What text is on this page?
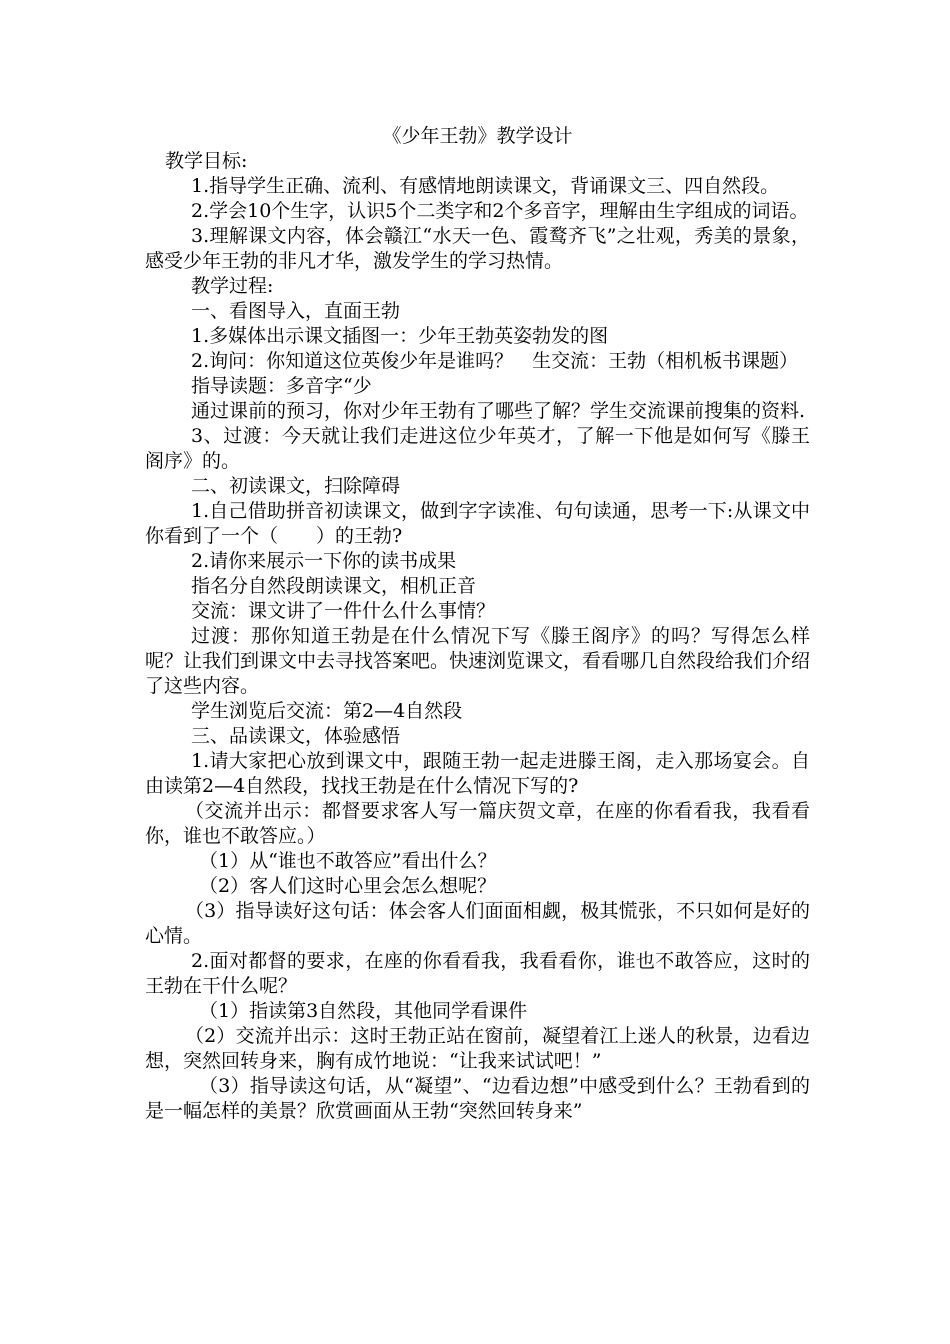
《少年王勃》教学设计

教学目标:

1.指导学生正确、流利、有感情地朗读课文，背诵课文三、四自然段。

2.学会10个生字，认识5个二类字和2个多音字，理解由生字组成的词语。

3.理解课文内容，体会赣江“水天一色、霞鹜齐飞”之壮观，秀美的景象，感受少年王勃的非凡才华，激发学生的学习热情。

教学过程:

一、看图导入，直面王勃

1.多媒体出示课文插图一：少年王勃英姿勃发的图

2.询问：你知道这位英俊少年是谁吗？　生交流：王勃（相机板书课题）

指导读题：多音字“少

通过课前的预习，你对少年王勃有了哪些了解？学生交流课前搜集的资料.

3、过渡：今天就让我们走进这位少年英才，了解一下他是如何写《滕王阁序》的。

二、初读课文，扫除障碍

1.自己借助拼音初读课文，做到字字读准、句句读通，思考一下:从课文中你看到了一个（　　）的王勃?

2.请你来展示一下你的读书成果

指名分自然段朗读课文，相机正音

交流：课文讲了一件什么什么事情？

过渡：那你知道王勃是在什么情况下写《滕王阁序》的吗？写得怎么样呢？让我们到课文中去寻找答案吧。快速浏览课文，看看哪几自然段给我们介绍了这些内容。

学生浏览后交流：第2—4自然段

三、品读课文，体验感悟

1.请大家把心放到课文中，跟随王勃一起走进滕王阁，走入那场宴会。自由读第2—4自然段，找找王勃是在什么情况下写的?

（交流并出示：都督要求客人写一篇庆贺文章，在座的你看看我，我看看你，谁也不敢答应。）

（1）从“谁也不敢答应”看出什么？

（2）客人们这时心里会怎么想呢？

（3）指导读好这句话：体会客人们面面相觑，极其慌张，不只如何是好的心情。

2.面对都督的要求，在座的你看看我，我看看你，谁也不敢答应，这时的王勃在干什么呢？

（1）指读第3自然段，其他同学看课件

（2）交流并出示：这时王勃正站在窗前，凝望着江上迷人的秋景，边看边想，突然回转身来，胸有成竹地说：“让我来试试吧！”

（3）指导读这句话，从“凝望”、“边看边想”中感受到什么？王勃看到的是一幅怎样的美景？欣赏画面从王勃“突然回转身来”
